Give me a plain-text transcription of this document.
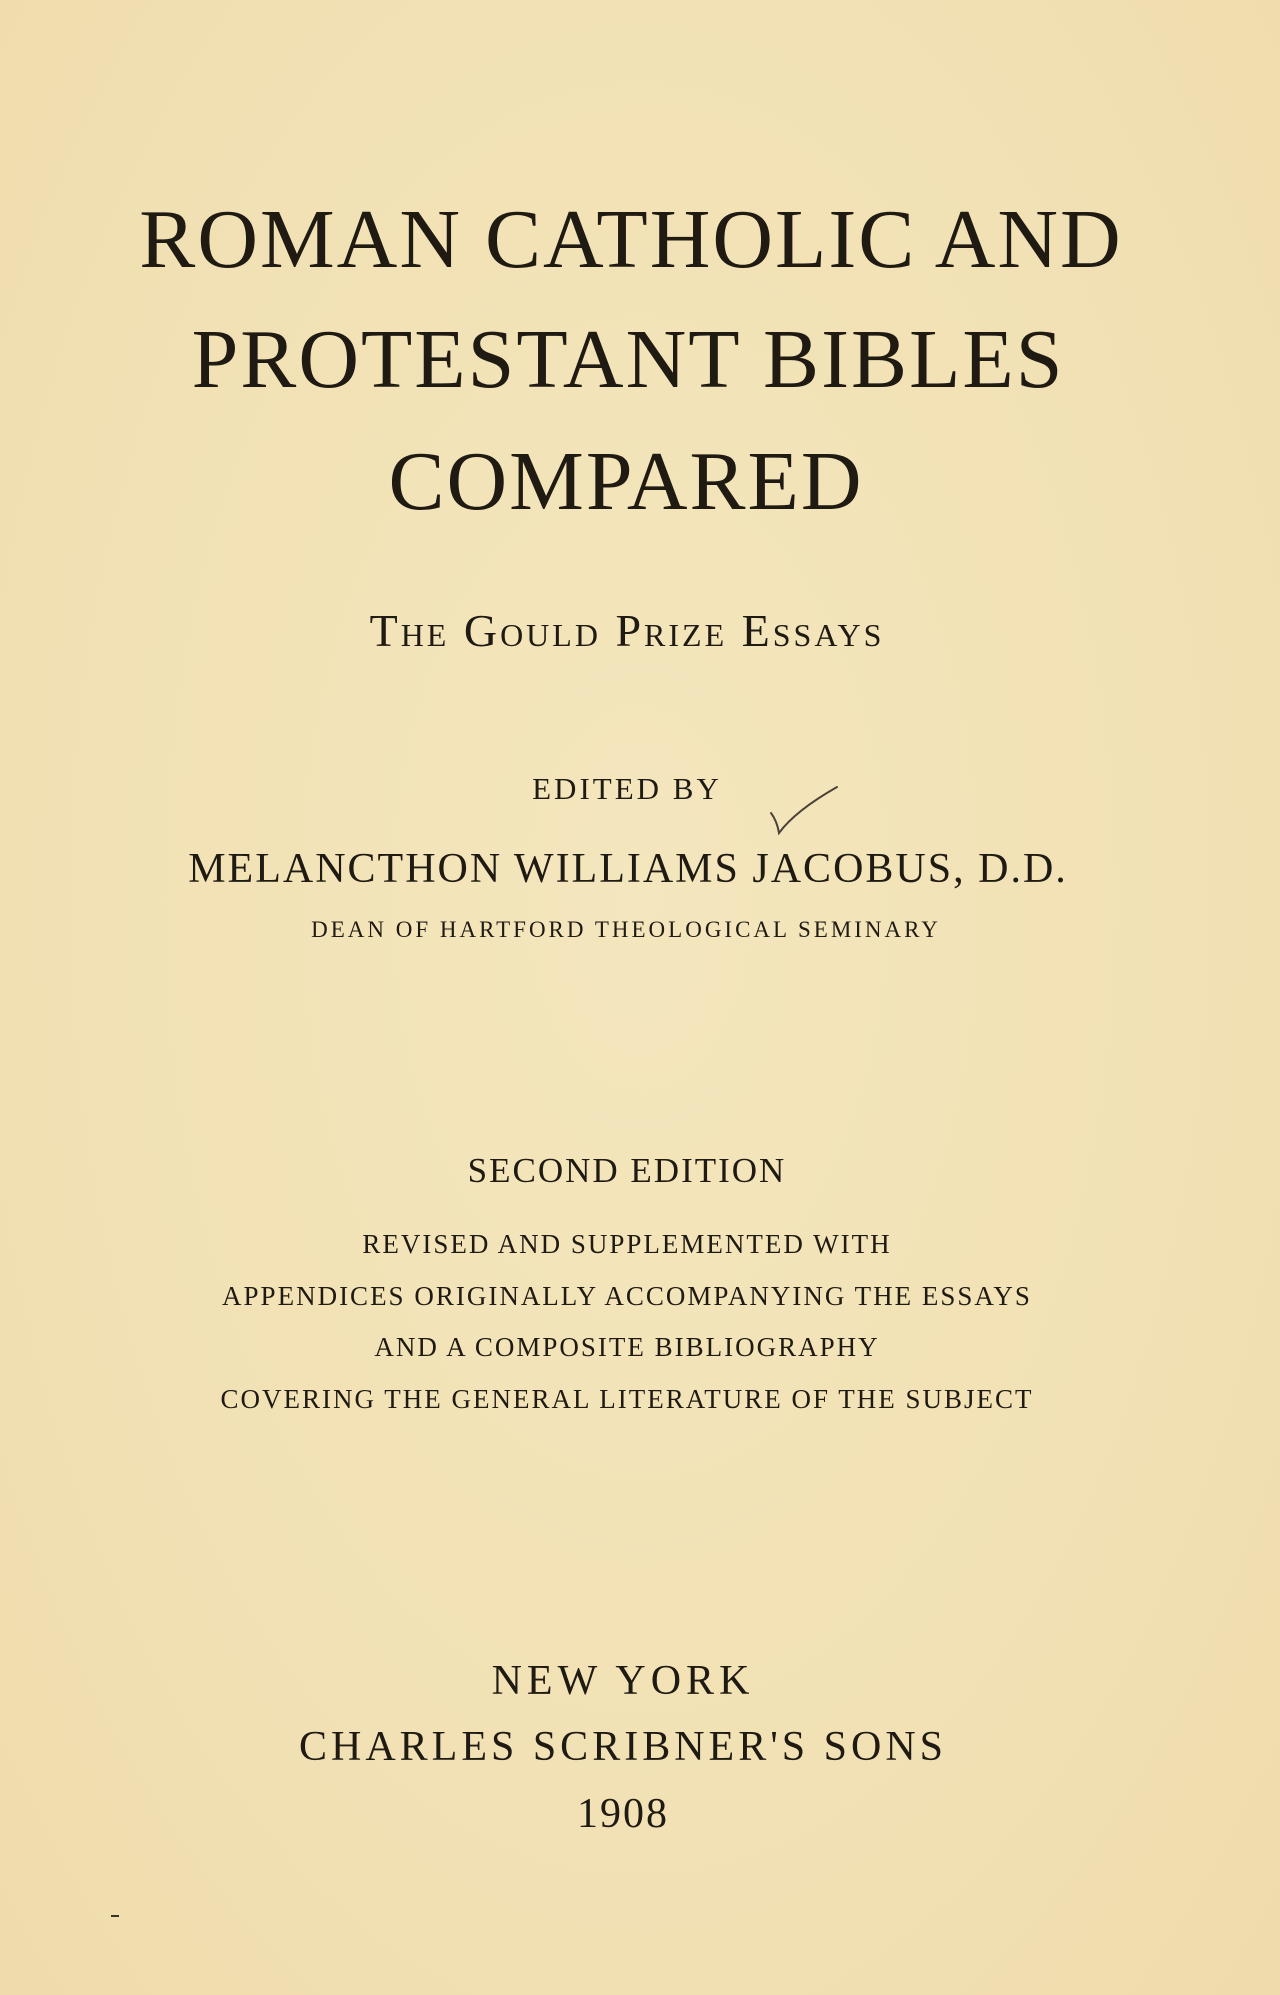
ROMAN CATHOLIC AND
PROTESTANT BIBLES
COMPARED

The Gould Prize Essays

EDITED BY

MELANCTHON WILLIAMS JACOBUS, D.D.

DEAN OF HARTFORD THEOLOGICAL SEMINARY

SECOND EDITION

REVISED AND SUPPLEMENTED WITH

APPENDICES ORIGINALLY ACCOMPANYING THE ESSAYS

AND A COMPOSITE BIBLIOGRAPHY

COVERING THE GENERAL LITERATURE OF THE SUBJECT

NEW YORK

CHARLES SCRIBNER'S SONS

1908
